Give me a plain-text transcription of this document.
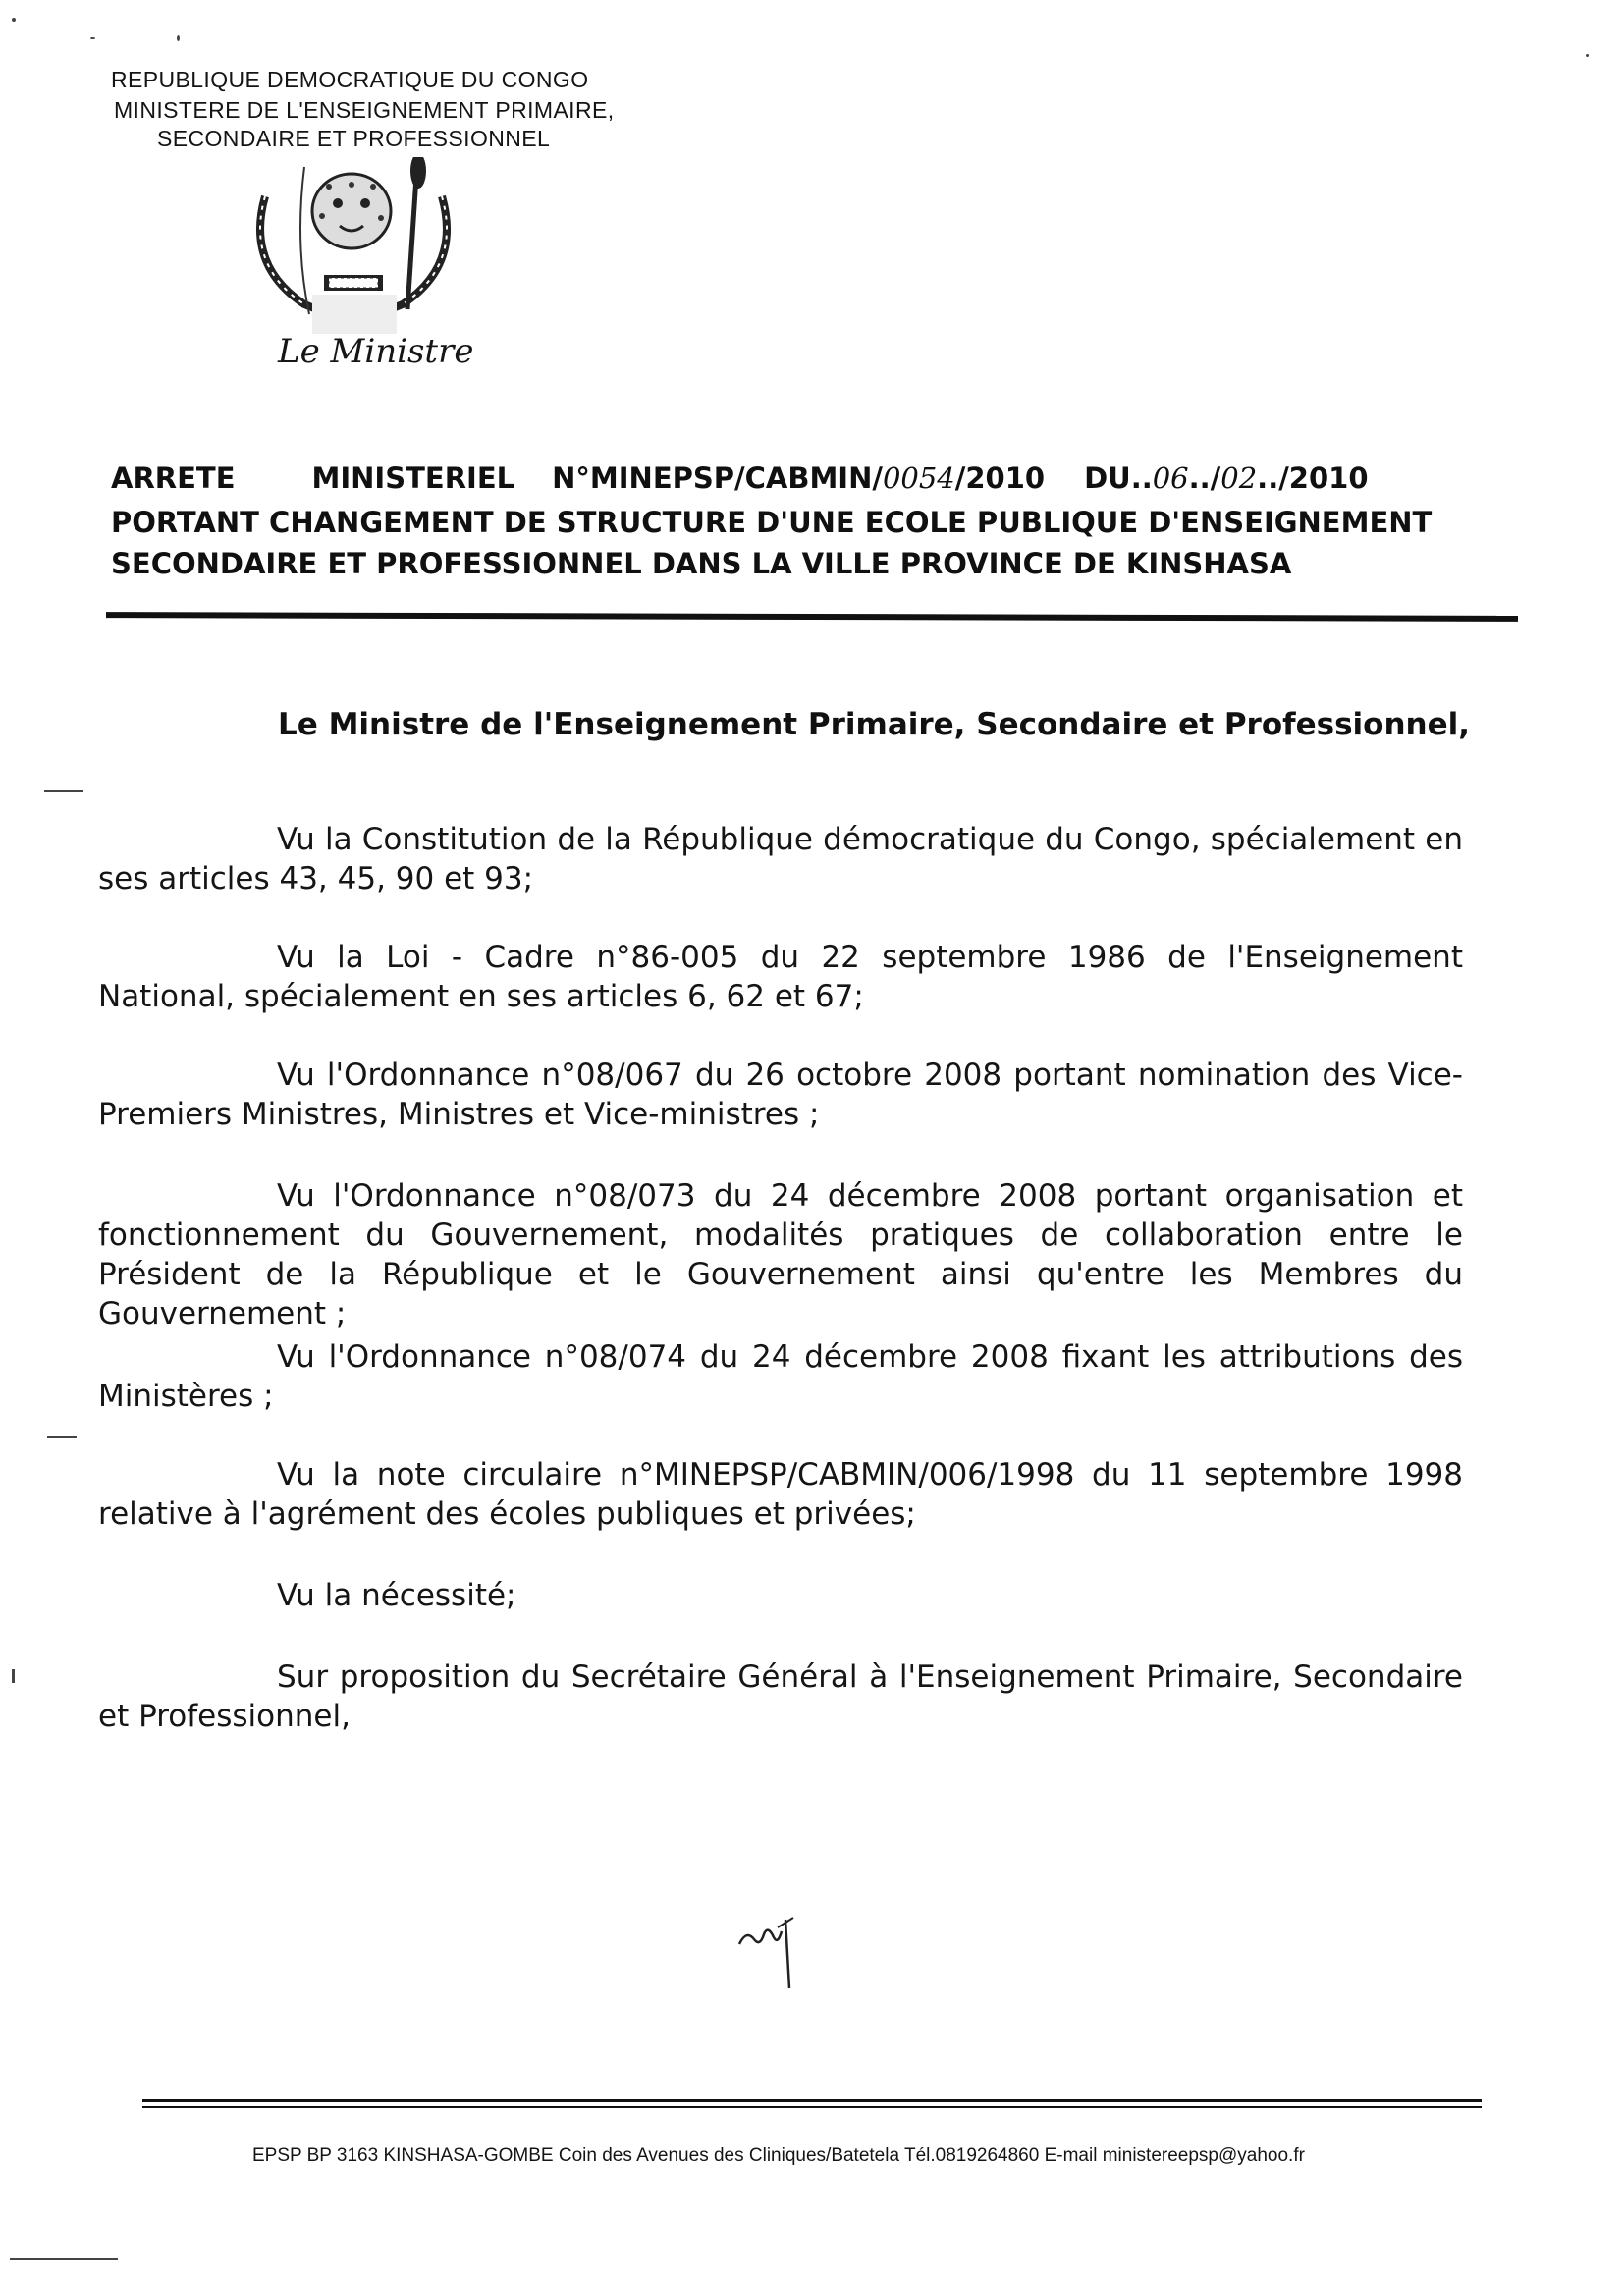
REPUBLIQUE DEMOCRATIQUE DU CONGO
MINISTERE DE L'ENSEIGNEMENT PRIMAIRE,
SECONDAIRE ET PROFESSIONNEL
Le Ministre
ARRETE	MINISTERIEL N°MINEPSP/CABMIN/0054/2010 DU..06../02../2010
PORTANT CHANGEMENT DE STRUCTURE D'UNE ECOLE PUBLIQUE D'ENSEIGNEMENT
SECONDAIRE ET PROFESSIONNEL DANS LA VILLE PROVINCE DE KINSHASA
Le Ministre de l'Enseignement Primaire, Secondaire et Professionnel,
Vu la Constitution de la République démocratique du Congo, spécialement en ses articles 43, 45, 90 et 93;
Vu la Loi - Cadre n°86-005 du 22 septembre 1986 de l'Enseignement National, spécialement en ses articles 6, 62 et 67;
Vu l'Ordonnance n°08/067 du 26 octobre 2008 portant nomination des Vice-Premiers Ministres, Ministres et Vice-ministres ;
Vu l'Ordonnance n°08/073 du 24 décembre 2008 portant organisation et fonctionnement du Gouvernement, modalités pratiques de collaboration entre le Président de la République et le Gouvernement ainsi qu'entre les Membres du Gouvernement ;
Vu l'Ordonnance n°08/074 du 24 décembre 2008 fixant les attributions des Ministères ;
Vu la note circulaire n°MINEPSP/CABMIN/006/1998 du 11 septembre 1998 relative à l'agrément des écoles publiques et privées;
Vu la nécessité;
Sur proposition du Secrétaire Général à l'Enseignement Primaire, Secondaire et Professionnel,
EPSP BP 3163 KINSHASA-GOMBE Coin des Avenues des Cliniques/Batetela Tél.0819264860 E-mail ministereepsp@yahoo.fr
